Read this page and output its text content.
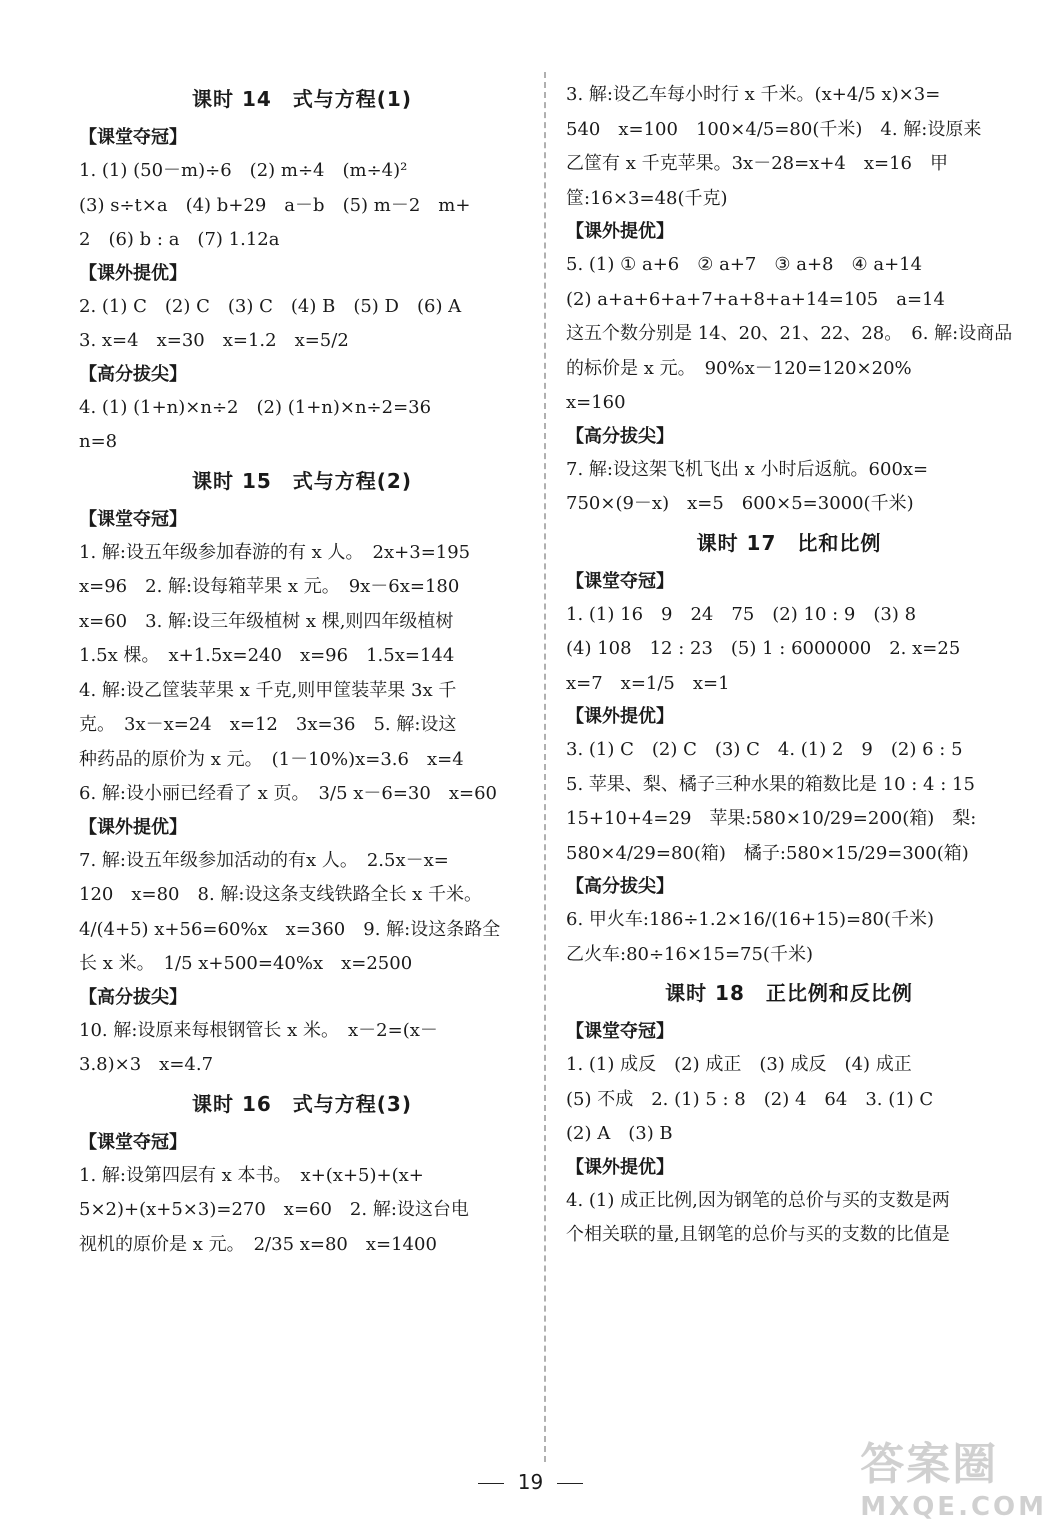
课时 14　式与方程(1)
【课堂夺冠】
1. (1) (50－m)÷6　(2) m÷4　(m÷4)²
(3) s÷t×a　(4) b+29　a－b　(5) m－2　m+
2　(6) b : a　(7) 1.12a
【课外提优】
2. (1) C　(2) C　(3) C　(4) B　(5) D　(6) A
3. x=4　x=30　x=1.2　x=5/2
【高分拔尖】
4. (1) (1+n)×n÷2　(2) (1+n)×n÷2=36
n=8
课时 15　式与方程(2)
【课堂夺冠】
1. 解:设五年级参加春游的有 x 人。　2x+3=195
x=96　2. 解:设每箱苹果 x 元。　9x－6x=180
x=60　3. 解:设三年级植树 x 棵,则四年级植树
1.5x 棵。　x+1.5x=240　x=96　1.5x=144
4. 解:设乙筐装苹果 x 千克,则甲筐装苹果 3x 千
克。　3x－x=24　x=12　3x=36　5. 解:设这
种药品的原价为 x 元。　(1－10%)x=3.6　x=4
6. 解:设小丽已经看了 x 页。　3/5 x－6=30　x=60
【课外提优】
7. 解:设五年级参加活动的有x 人。　2.5x－x=
120　x=80　8. 解:设这条支线铁路全长 x 千米。
4/(4+5) x+56=60%x　x=360　9. 解:设这条路全
长 x 米。　1/5 x+500=40%x　x=2500
【高分拔尖】
10. 解:设原来每根钢管长 x 米。　x－2=(x－
3.8)×3　x=4.7
课时 16　式与方程(3)
【课堂夺冠】
1. 解:设第四层有 x 本书。　x+(x+5)+(x+
5×2)+(x+5×3)=270　x=60　2. 解:设这台电
视机的原价是 x 元。　2/35 x=80　x=1400
3. 解:设乙车每小时行 x 千米。(x+4/5 x)×3=
540　x=100　100×4/5=80(千米)　4. 解:设原来
乙筐有 x 千克苹果。3x－28=x+4　x=16　甲
筐:16×3=48(千克)
【课外提优】
5. (1) ① a+6　② a+7　③ a+8　④ a+14
(2) a+a+6+a+7+a+8+a+14=105　a=14
这五个数分别是 14、20、21、22、28。　6. 解:设商品
的标价是 x 元。　90%x－120=120×20%
x=160
【高分拔尖】
7. 解:设这架飞机飞出 x 小时后返航。600x=
750×(9－x)　x=5　600×5=3000(千米)
课时 17　比和比例
【课堂夺冠】
1. (1) 16　9　24　75　(2) 10 : 9　(3) 8
(4) 108　12 : 23　(5) 1 : 6000000　2. x=25
x=7　x=1/5　x=1
【课外提优】
3. (1) C　(2) C　(3) C　4. (1) 2　9　(2) 6 : 5
5. 苹果、梨、橘子三种水果的箱数比是 10 : 4 : 15
15+10+4=29　苹果:580×10/29=200(箱)　梨:
580×4/29=80(箱)　橘子:580×15/29=300(箱)
【高分拔尖】
6. 甲火车:186÷1.2×16/(16+15)=80(千米)
乙火车:80÷16×15=75(千米)
课时 18　正比例和反比例
【课堂夺冠】
1. (1) 成反　(2) 成正　(3) 成反　(4) 成正
(5) 不成　2. (1) 5 : 8　(2) 4　64　3. (1) C
(2) A　(3) B
【课外提优】
4. (1) 成正比例,因为钢笔的总价与买的支数是两
个相关联的量,且钢笔的总价与买的支数的比值是
19	答案圈
MXQE.COM
